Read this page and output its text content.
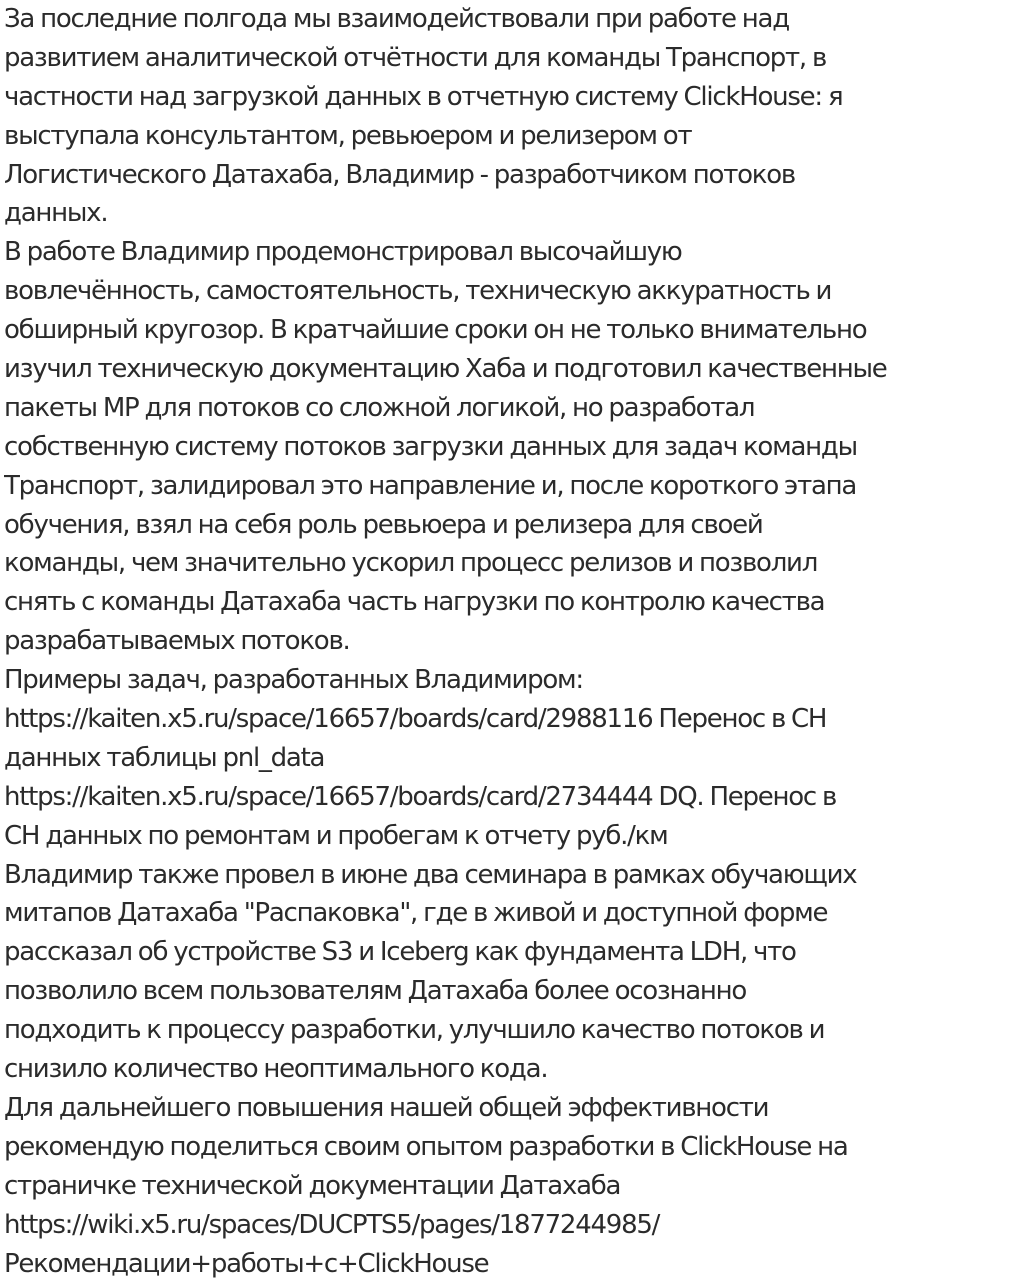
За последние полгода мы взаимодействовали при работе над
развитием аналитической отчётности для команды Транспорт, в
частности над загрузкой данных в отчетную систему ClickHouse: я
выступала консультантом, ревьюером и релизером от
Логистического Датахаба, Владимир - разработчиком потоков
данных.
В работе Владимир продемонстрировал высочайшую
вовлечённость, самостоятельность, техническую аккуратность и
обширный кругозор. В кратчайшие сроки он не только внимательно
изучил техническую документацию Хаба и подготовил качественные
пакеты МР для потоков со сложной логикой, но разработал
собственную систему потоков загрузки данных для задач команды
Транспорт, залидировал это направление и, после короткого этапа
обучения, взял на себя роль ревьюера и релизера для своей
команды, чем значительно ускорил процесс релизов и позволил
снять с команды Датахаба часть нагрузки по контролю качества
разрабатываемых потоков.
Примеры задач, разработанных Владимиром:
https://kaiten.x5.ru/space/16657/boards/card/2988116 Перенос в СН
данных таблицы pnl_data
https://kaiten.x5.ru/space/16657/boards/card/2734444 DQ. Перенос в
СН данных по ремонтам и пробегам к отчету руб./км
Владимир также провел в июне два семинара в рамках обучающих
митапов Датахаба "Распаковка", где в живой и доступной форме
рассказал об устройстве S3 и Iceberg как фундамента LDH, что
позволило всем пользователям Датахаба более осознанно
подходить к процессу разработки, улучшило качество потоков и
снизило количество неоптимального кода.
Для дальнейшего повышения нашей общей эффективности
рекомендую поделиться своим опытом разработки в ClickHouse на
страничке технической документации Датахаба
https://wiki.x5.ru/spaces/DUCPTS5/pages/1877244985/
Рекомендации+работы+с+ClickHouse
